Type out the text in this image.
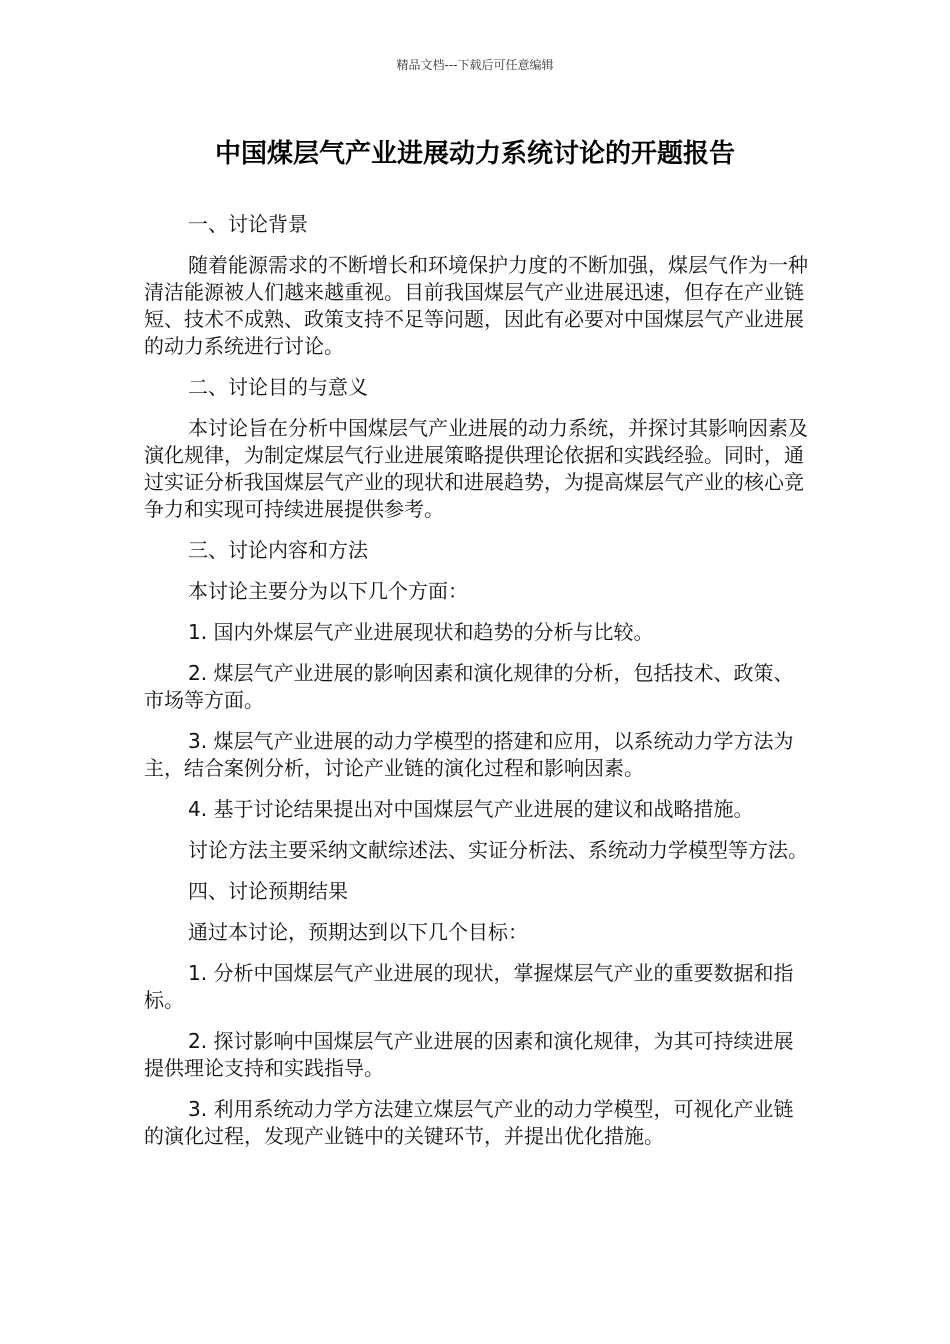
精品文档---下载后可任意编辑
中国煤层气产业进展动力系统讨论的开题报告

一、讨论背景

随着能源需求的不断增长和环境保护力度的不断加强，煤层气作为一种清洁能源被人们越来越重视。目前我国煤层气产业进展迅速，但存在产业链短、技术不成熟、政策支持不足等问题，因此有必要对中国煤层气产业进展的动力系统进行讨论。

二、讨论目的与意义

本讨论旨在分析中国煤层气产业进展的动力系统，并探讨其影响因素及演化规律，为制定煤层气行业进展策略提供理论依据和实践经验。同时，通过实证分析我国煤层气产业的现状和进展趋势，为提高煤层气产业的核心竞争力和实现可持续进展提供参考。

三、讨论内容和方法

本讨论主要分为以下几个方面：

1. 国内外煤层气产业进展现状和趋势的分析与比较。

2. 煤层气产业进展的影响因素和演化规律的分析，包括技术、政策、市场等方面。

3. 煤层气产业进展的动力学模型的搭建和应用，以系统动力学方法为主，结合案例分析，讨论产业链的演化过程和影响因素。

4. 基于讨论结果提出对中国煤层气产业进展的建议和战略措施。

讨论方法主要采纳文献综述法、实证分析法、系统动力学模型等方法。

四、讨论预期结果

通过本讨论，预期达到以下几个目标：

1. 分析中国煤层气产业进展的现状，掌握煤层气产业的重要数据和指标。

2. 探讨影响中国煤层气产业进展的因素和演化规律，为其可持续进展提供理论支持和实践指导。

3. 利用系统动力学方法建立煤层气产业的动力学模型，可视化产业链的演化过程，发现产业链中的关键环节，并提出优化措施。
